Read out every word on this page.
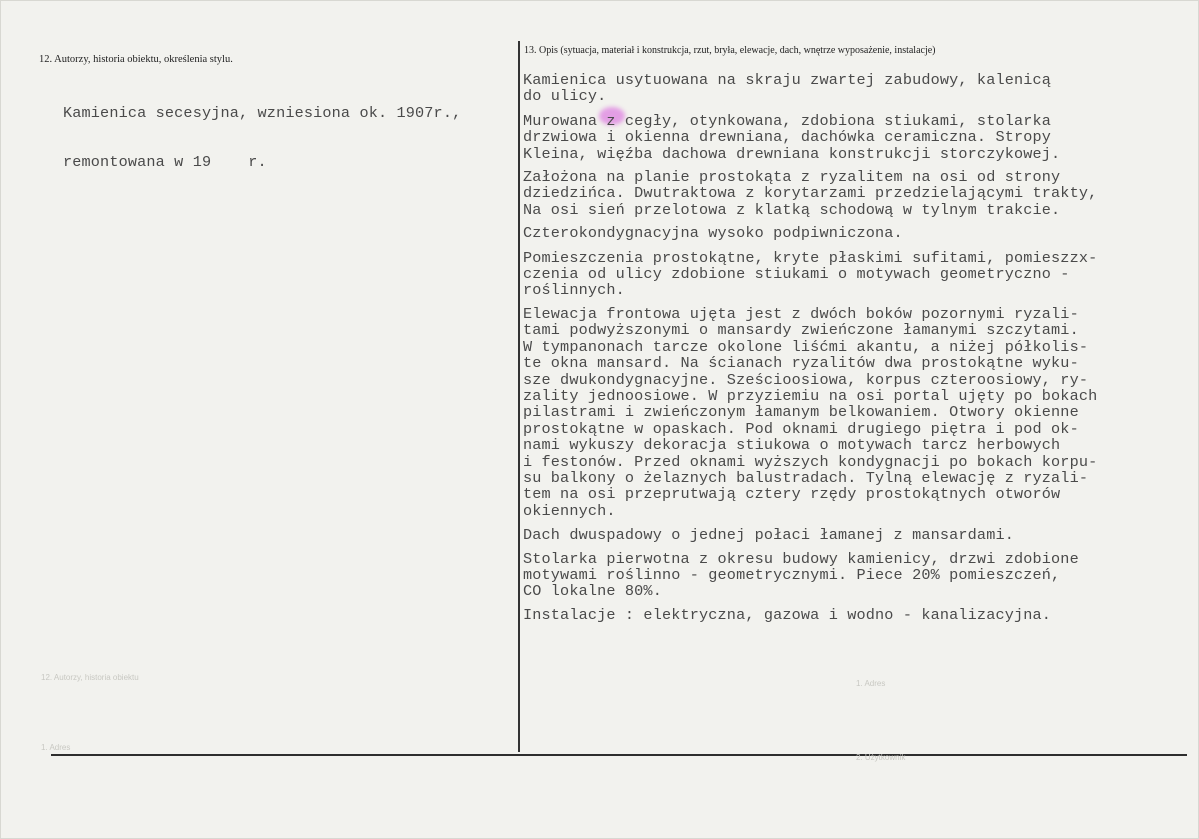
12. Autorzy, historia obiektu, określenia stylu.
13. Opis (sytuacja, materiał i konstrukcja, rzut, bryła, elewacje, dach, wnętrze wyposażenie, instalacje)

Kamienica secesyjna, wzniesiona ok. 1907r.,

remontowana w 19    r.

Kamienica usytuowana na skraju zwartej zabudowy, kalenicą
do ulicy.
Murowana z cegły, otynkowana, zdobiona stiukami, stolarka
drzwiowa i okienna drewniana, dachówka ceramiczna. Stropy
Kleina, więźba dachowa drewniana konstrukcji storczykowej.
Założona na planie prostokąta z ryzalitem na osi od strony
dziedzińca. Dwutraktowa z korytarzami przedzielającymi trakty,
Na osi sień przelotowa z klatką schodową w tylnym trakcie.
Czterokondygnacyjna wysoko podpiwniczona.
Pomieszczenia prostokątne, kryte płaskimi sufitami, pomieszzx-
czenia od ulicy zdobione stiukami o motywach geometryczno -
roślinnych.
Elewacja frontowa ujęta jest z dwóch boków pozornymi ryzali-
tami podwyższonymi o mansardy zwieńczone łamanymi szczytami.
W tympanonach tarcze okolone liśćmi akantu, a niżej półkolis-
te okna mansard. Na ścianach ryzalitów dwa prostokątne wyku-
sze dwukondygnacyjne. Sześcioosiowa, korpus czteroosiowy, ry-
zality jednoosiowe. W przyziemiu na osi portal ujęty po bokach
pilastrami i zwieńczonym łamanym belkowaniem. Otwory okienne
prostokątne w opaskach. Pod oknami drugiego piętra i pod ok-
nami wykuszy dekoracja stiukowa o motywach tarcz herbowych
i festonów. Przed oknami wyższych kondygnacji po bokach korpu-
su balkony o żelaznych balustradach. Tylną elewację z ryzali-
tem na osi przeprutwają cztery rzędy prostokątnych otworów
okiennych.
Dach dwuspadowy o jednej połaci łamanej z mansardami.
Stolarka pierwotna z okresu budowy kamienicy, drzwi zdobione
motywami roślinno - geometrycznymi. Piece 20% pomieszczeń,
CO lokalne 80%.
Instalacje : elektryczna, gazowa i wodno - kanalizacyjna.
12. Autorzy, historia obiektu
1. Adres
1. Adres
2. Użytkownik
